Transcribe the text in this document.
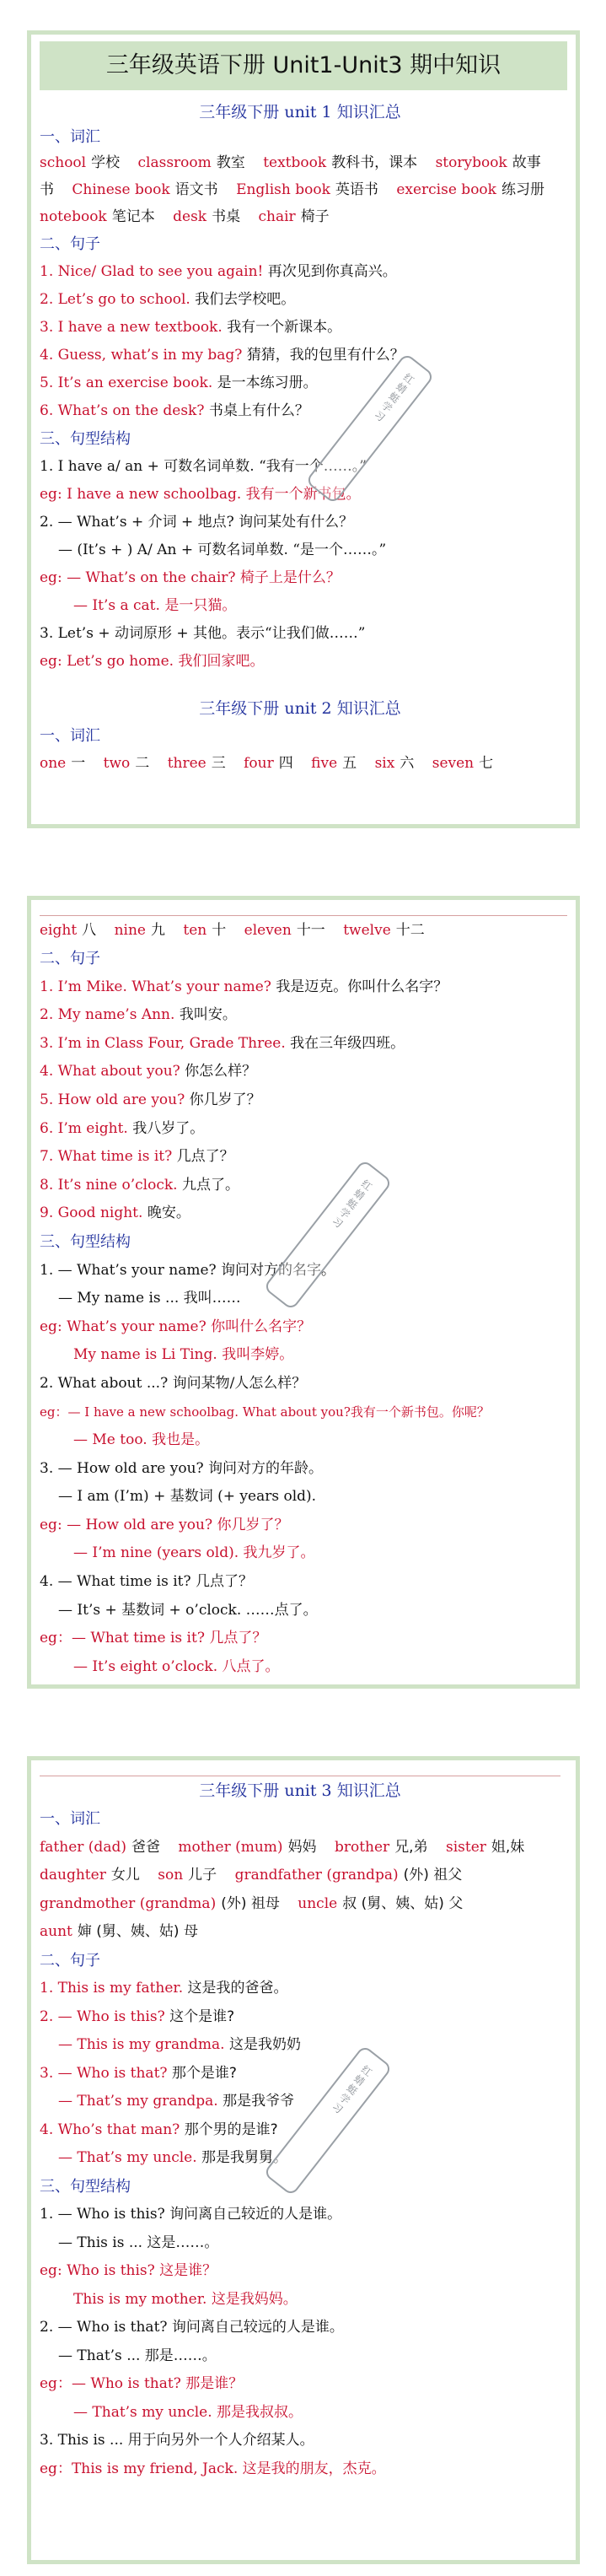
三年级英语下册 Unit1-Unit3 期中知识

三年级下册 unit 1 知识汇总

一、词汇

school 学校 classroom 教室 textbook 教科书，课本 storybook 故事书 Chinese book 语文书 English book 英语书 exercise book 练习册 notebook 笔记本 desk 书桌 chair 椅子

二、句子

1. Nice/ Glad to see you again! 再次见到你真高兴。

2. Let’s go to school. 我们去学校吧。

3. I have a new textbook. 我有一个新课本。

4. Guess, what’s in my bag? 猜猜，我的包里有什么？

5. It’s an exercise book. 是一本练习册。

6. What’s on the desk? 书桌上有什么？

三、句型结构

1. I have a/ an + 可数名词单数. “我有一个……。”

eg: I have a new schoolbag. 我有一个新书包。

2. — What’s + 介词 + 地点? 询问某处有什么？

— (It’s + ) A/ An + 可数名词单数. “是一个……。”

eg: — What’s on the chair? 椅子上是什么？

— It’s a cat. 是一只猫。

3. Let’s + 动词原形 + 其他。表示“让我们做……”

eg: Let’s go home. 我们回家吧。

三年级下册 unit 2 知识汇总

一、词汇

one 一 two 二 three 三 four 四 five 五 six 六 seven 七
红蜻蜓学习
eight 八 nine 九 ten 十 eleven 十一 twelve 十二

二、句子

1. I’m Mike. What’s your name? 我是迈克。你叫什么名字？

2. My name’s Ann. 我叫安。

3. I’m in Class Four, Grade Three. 我在三年级四班。

4. What about you? 你怎么样？

5. How old are you? 你几岁了？

6. I’m eight. 我八岁了。

7. What time is it? 几点了？

8. It’s nine o’clock. 九点了。

9. Good night. 晚安。

三、句型结构

1. — What’s your name? 询问对方的名字。

— My name is ... 我叫……

eg: What’s your name? 你叫什么名字？

My name is Li Ting. 我叫李婷。

2. What about ...? 询问某物/人怎么样？

eg：— I have a new schoolbag. What about you?我有一个新书包。你呢？

— Me too. 我也是。

3. — How old are you? 询问对方的年龄。

— I am (I’m) + 基数词 (+ years old).

eg: — How old are you? 你几岁了？

— I’m nine (years old). 我九岁了。

4. — What time is it? 几点了？

— It’s + 基数词 + o’clock. ……点了。

eg：— What time is it? 几点了？

— It’s eight o’clock. 八点了。

红蜻蜓学习

三年级下册 unit 3 知识汇总

一、词汇

father (dad) 爸爸 mother (mum) 妈妈 brother 兄,弟 sister 姐,妹

daughter 女儿 son 儿子 grandfather (grandpa) (外) 祖父

grandmother (grandma) (外) 祖母 uncle 叔 (舅、姨、姑) 父

aunt 婶 (舅、姨、姑) 母

二、句子

1. This is my father. 这是我的爸爸。

2. — Who is this? 这个是谁?

— This is my grandma. 这是我奶奶

3. — Who is that? 那个是谁?

— That’s my grandpa. 那是我爷爷

4. Who’s that man? 那个男的是谁?

— That’s my uncle. 那是我舅舅。

三、句型结构

1. — Who is this? 询问离自己较近的人是谁。

— This is ... 这是……。

eg: Who is this? 这是谁？

This is my mother. 这是我妈妈。

2. — Who is that? 询问离自己较远的人是谁。

— That’s ... 那是……。

eg：— Who is that? 那是谁？

— That’s my uncle. 那是我叔叔。

3. This is ... 用于向另外一个人介绍某人。

eg：This is my friend, Jack. 这是我的朋友，杰克。

红蜻蜓学习
